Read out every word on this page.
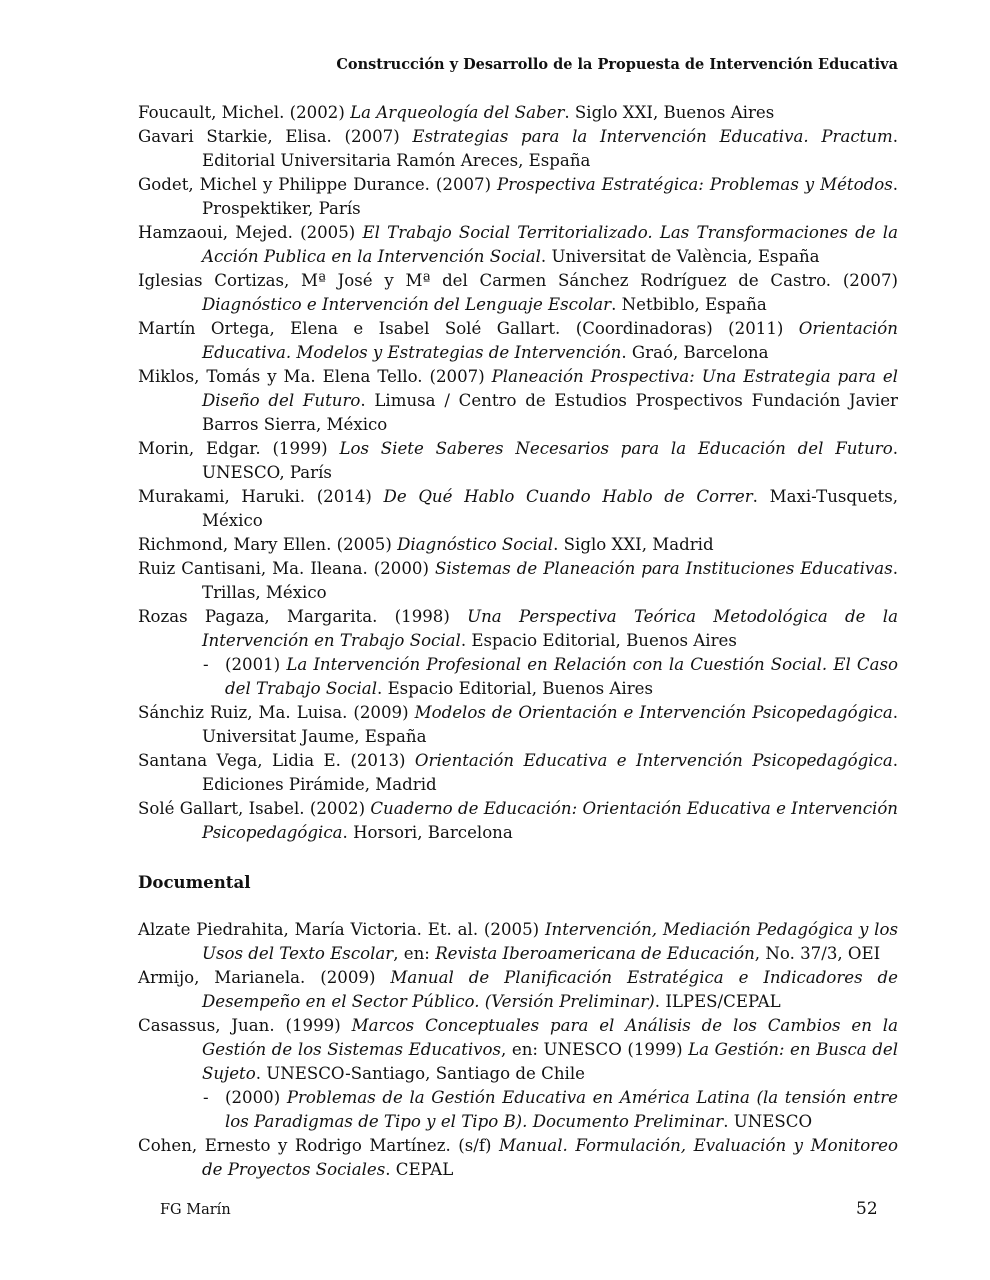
Construcción y Desarrollo de la Propuesta de Intervención Educativa

Foucault, Michel. (2002) La Arqueología del Saber. Siglo XXI, Buenos Aires

Gavari Starkie, Elisa. (2007) Estrategias para la Intervención Educativa. Practum. Editorial Universitaria Ramón Areces, España

Godet, Michel y Philippe Durance. (2007) Prospectiva Estratégica: Problemas y Métodos. Prospektiker, París

Hamzaoui, Mejed. (2005) El Trabajo Social Territorializado. Las Transformaciones de la Acción Publica en la Intervención Social. Universitat de València, España

Iglesias Cortizas, Mª José y Mª del Carmen Sánchez Rodríguez de Castro. (2007) Diagnóstico e Intervención del Lenguaje Escolar. Netbiblo, España

Martín Ortega, Elena e Isabel Solé Gallart. (Coordinadoras) (2011) Orientación Educativa. Modelos y Estrategias de Intervención. Graó, Barcelona

Miklos, Tomás y Ma. Elena Tello. (2007) Planeación Prospectiva: Una Estrategia para el Diseño del Futuro. Limusa / Centro de Estudios Prospectivos Fundación Javier Barros Sierra, México

Morin, Edgar. (1999) Los Siete Saberes Necesarios para la Educación del Futuro. UNESCO, París

Murakami, Haruki. (2014) De Qué Hablo Cuando Hablo de Correr. Maxi-Tusquets, México

Richmond, Mary Ellen. (2005) Diagnóstico Social. Siglo XXI, Madrid

Ruiz Cantisani, Ma. Ileana. (2000) Sistemas de Planeación para Instituciones Educativas. Trillas, México

Rozas Pagaza, Margarita. (1998) Una Perspectiva Teórica Metodológica de la Intervención en Trabajo Social. Espacio Editorial, Buenos Aires

- (2001) La Intervención Profesional en Relación con la Cuestión Social. El Caso del Trabajo Social. Espacio Editorial, Buenos Aires

Sánchiz Ruiz, Ma. Luisa. (2009) Modelos de Orientación e Intervención Psicopedagógica. Universitat Jaume, España

Santana Vega, Lidia E. (2013) Orientación Educativa e Intervención Psicopedagógica. Ediciones Pirámide, Madrid

Solé Gallart, Isabel. (2002) Cuaderno de Educación: Orientación Educativa e Intervención Psicopedagógica. Horsori, Barcelona

Documental

Alzate Piedrahita, María Victoria. Et. al. (2005) Intervención, Mediación Pedagógica y los Usos del Texto Escolar, en: Revista Iberoamericana de Educación, No. 37/3, OEI

Armijo, Marianela. (2009) Manual de Planificación Estratégica e Indicadores de Desempeño en el Sector Público. (Versión Preliminar). ILPES/CEPAL

Casassus, Juan. (1999) Marcos Conceptuales para el Análisis de los Cambios en la Gestión de los Sistemas Educativos, en: UNESCO (1999) La Gestión: en Busca del Sujeto. UNESCO-Santiago, Santiago de Chile

- (2000) Problemas de la Gestión Educativa en América Latina (la tensión entre los Paradigmas de Tipo y el Tipo B). Documento Preliminar. UNESCO

Cohen, Ernesto y Rodrigo Martínez. (s/f) Manual. Formulación, Evaluación y Monitoreo de Proyectos Sociales. CEPAL

FG Marín	52
